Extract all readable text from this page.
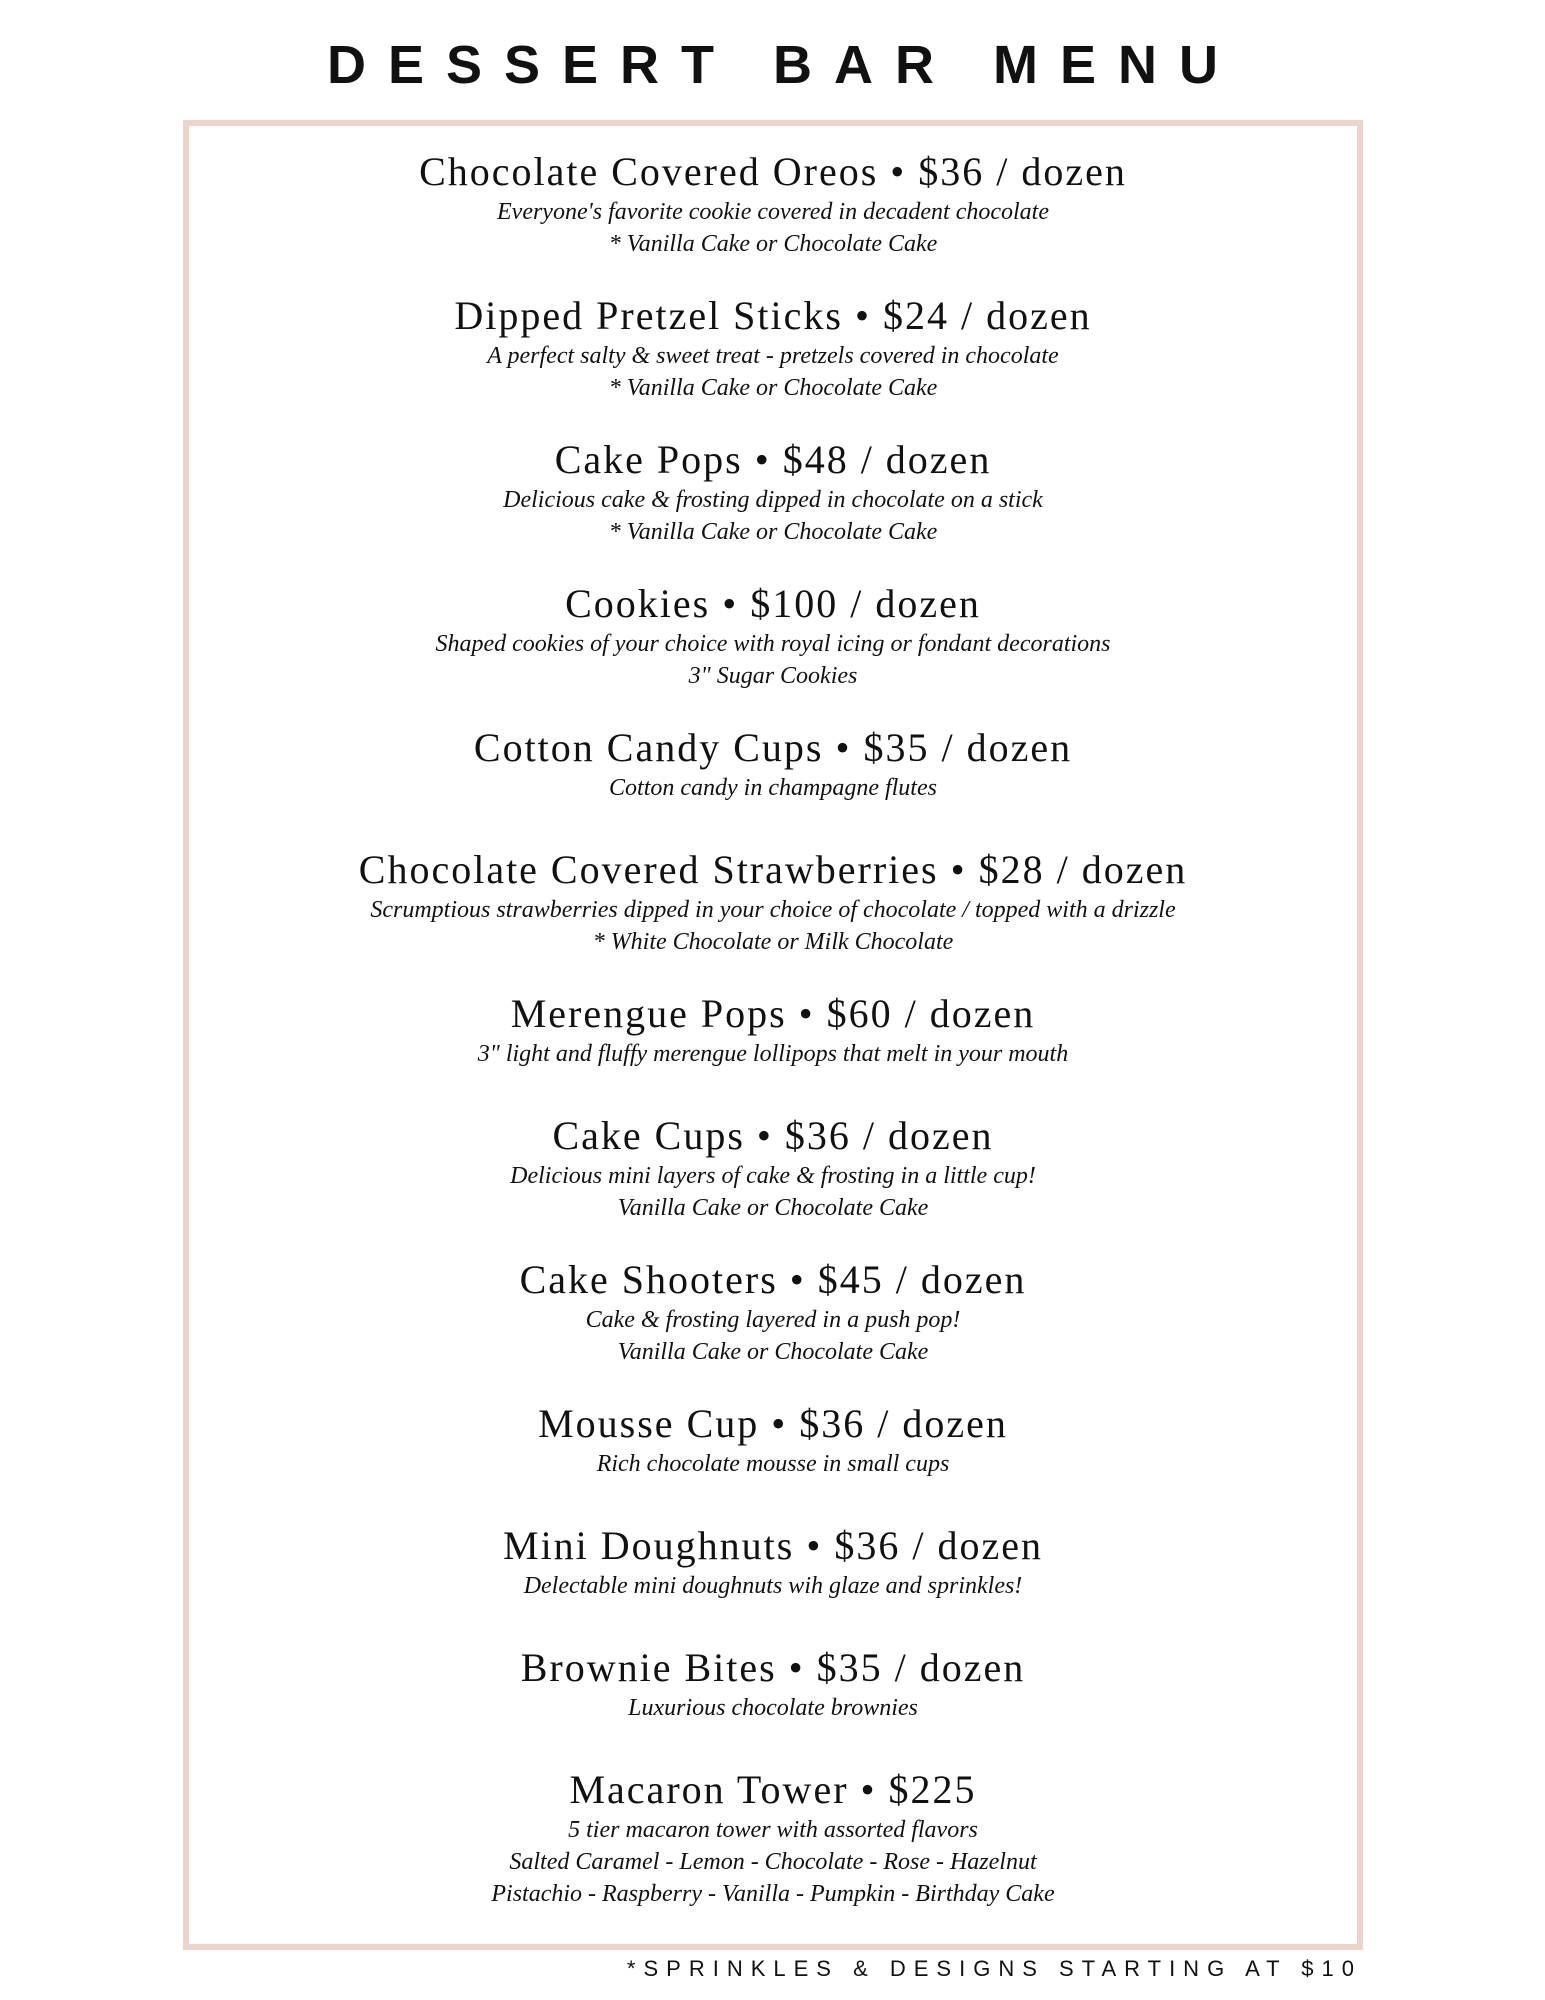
DESSERT BAR MENU
Chocolate Covered Oreos • $36 / dozen
Everyone's favorite cookie covered in decadent chocolate
* Vanilla Cake or Chocolate Cake
Dipped Pretzel Sticks • $24 / dozen
A perfect salty & sweet treat - pretzels covered in chocolate
* Vanilla Cake or Chocolate Cake
Cake Pops • $48 / dozen
Delicious cake & frosting dipped in chocolate on a stick
* Vanilla Cake or Chocolate Cake
Cookies • $100 / dozen
Shaped cookies of your choice with royal icing or fondant decorations
3" Sugar Cookies
Cotton Candy Cups • $35 / dozen
Cotton candy in champagne flutes
Chocolate Covered Strawberries • $28 / dozen
Scrumptious strawberries dipped in your choice of chocolate / topped with a drizzle
* White Chocolate or Milk Chocolate
Merengue Pops • $60 / dozen
3" light and fluffy merengue lollipops that melt in your mouth
Cake Cups • $36 / dozen
Delicious mini layers of cake & frosting in a little cup!
Vanilla Cake or Chocolate Cake
Cake Shooters • $45 / dozen
Cake & frosting layered in a push pop!
Vanilla Cake or Chocolate Cake
Mousse Cup • $36 / dozen
Rich chocolate mousse in small cups
Mini Doughnuts • $36 / dozen
Delectable mini doughnuts wih glaze and sprinkles!
Brownie Bites • $35 / dozen
Luxurious chocolate brownies
Macaron Tower • $225
5 tier macaron tower with assorted flavors
Salted Caramel - Lemon - Chocolate - Rose - Hazelnut
Pistachio - Raspberry - Vanilla - Pumpkin - Birthday Cake
*SPRINKLES & DESIGNS STARTING AT $10
